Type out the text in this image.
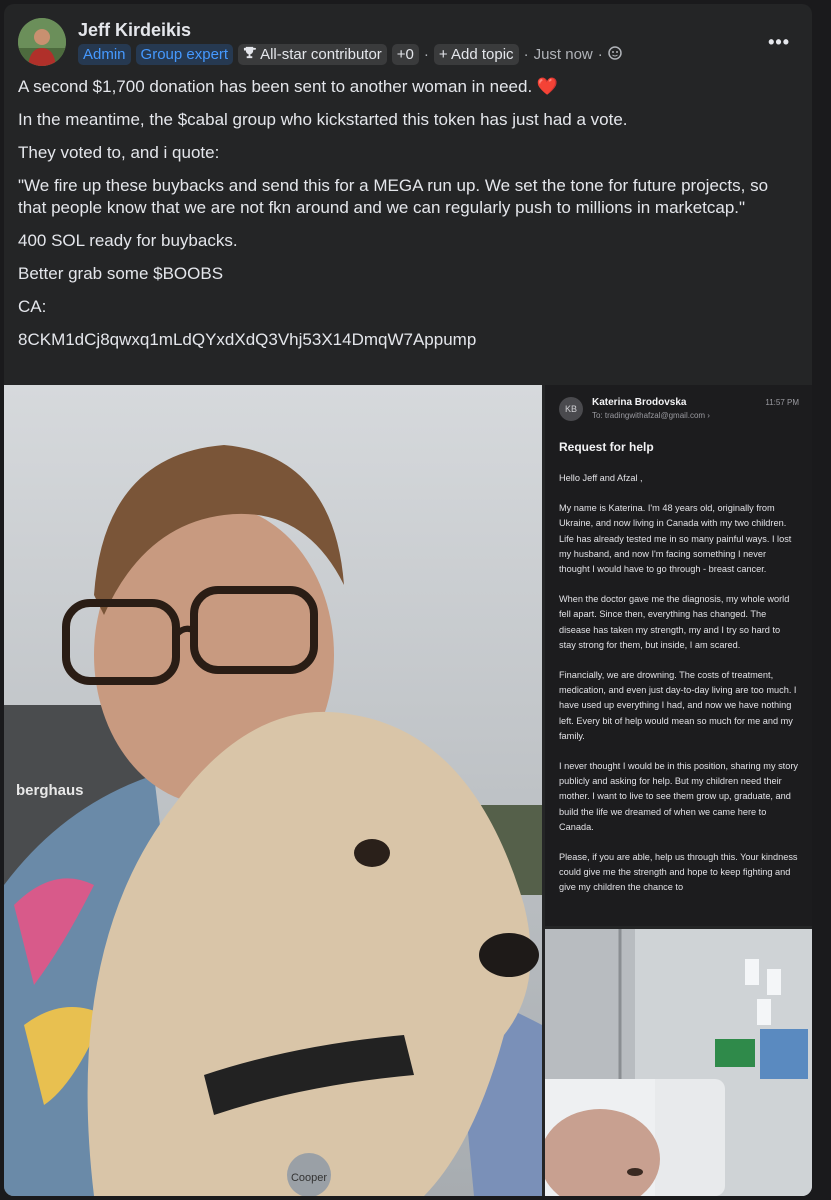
Jeff Kirdeikis
Admin	Group expert	All-star contributor	+0 · + Add topic · Just now ·
•••

A second $1,700 donation has been sent to another woman in need. ❤️

In the meantime, the $cabal group who kickstarted this token has just had a vote.

They voted to, and i quote:

"We fire up these buybacks and send this for a MEGA run up. We set the tone for future projects, so that people know that we are not fkn around and we can regularly push to millions in marketcap."

400 SOL ready for buybacks.

Better grab some $BOOBS

CA:

8CKM1dCj8qwxq1mLdQYxdXdQ3Vhj53X14DmqW7Appump

berghaus
Cooper
KB
Katerina Brodovska
To: tradingwithafzal@gmail.com ›
11:57 PM
Request for help

Hello Jeff and Afzal ,

My name is Katerina. I'm 48 years old, originally from Ukraine, and now living in Canada with my two children. Life has already tested me in so many painful ways. I lost my husband, and now I'm facing something I never thought I would have to go through - breast cancer.

When the doctor gave me the diagnosis, my whole world fell apart. Since then, everything has changed. The disease has taken my strength, my and I try so hard to stay strong for them, but inside, I am scared.

Financially, we are drowning. The costs of treatment, medication, and even just day-to-day living are too much. I have used up everything I had, and now we have nothing left. Every bit of help would mean so much for me and my family.

I never thought I would be in this position, sharing my story publicly and asking for help. But my children need their mother. I want to live to see them grow up, graduate, and build the life we dreamed of when we came here to Canada.

Please, if you are able, help us through this. Your kindness could give me the strength and hope to keep fighting and give my children the chance to
